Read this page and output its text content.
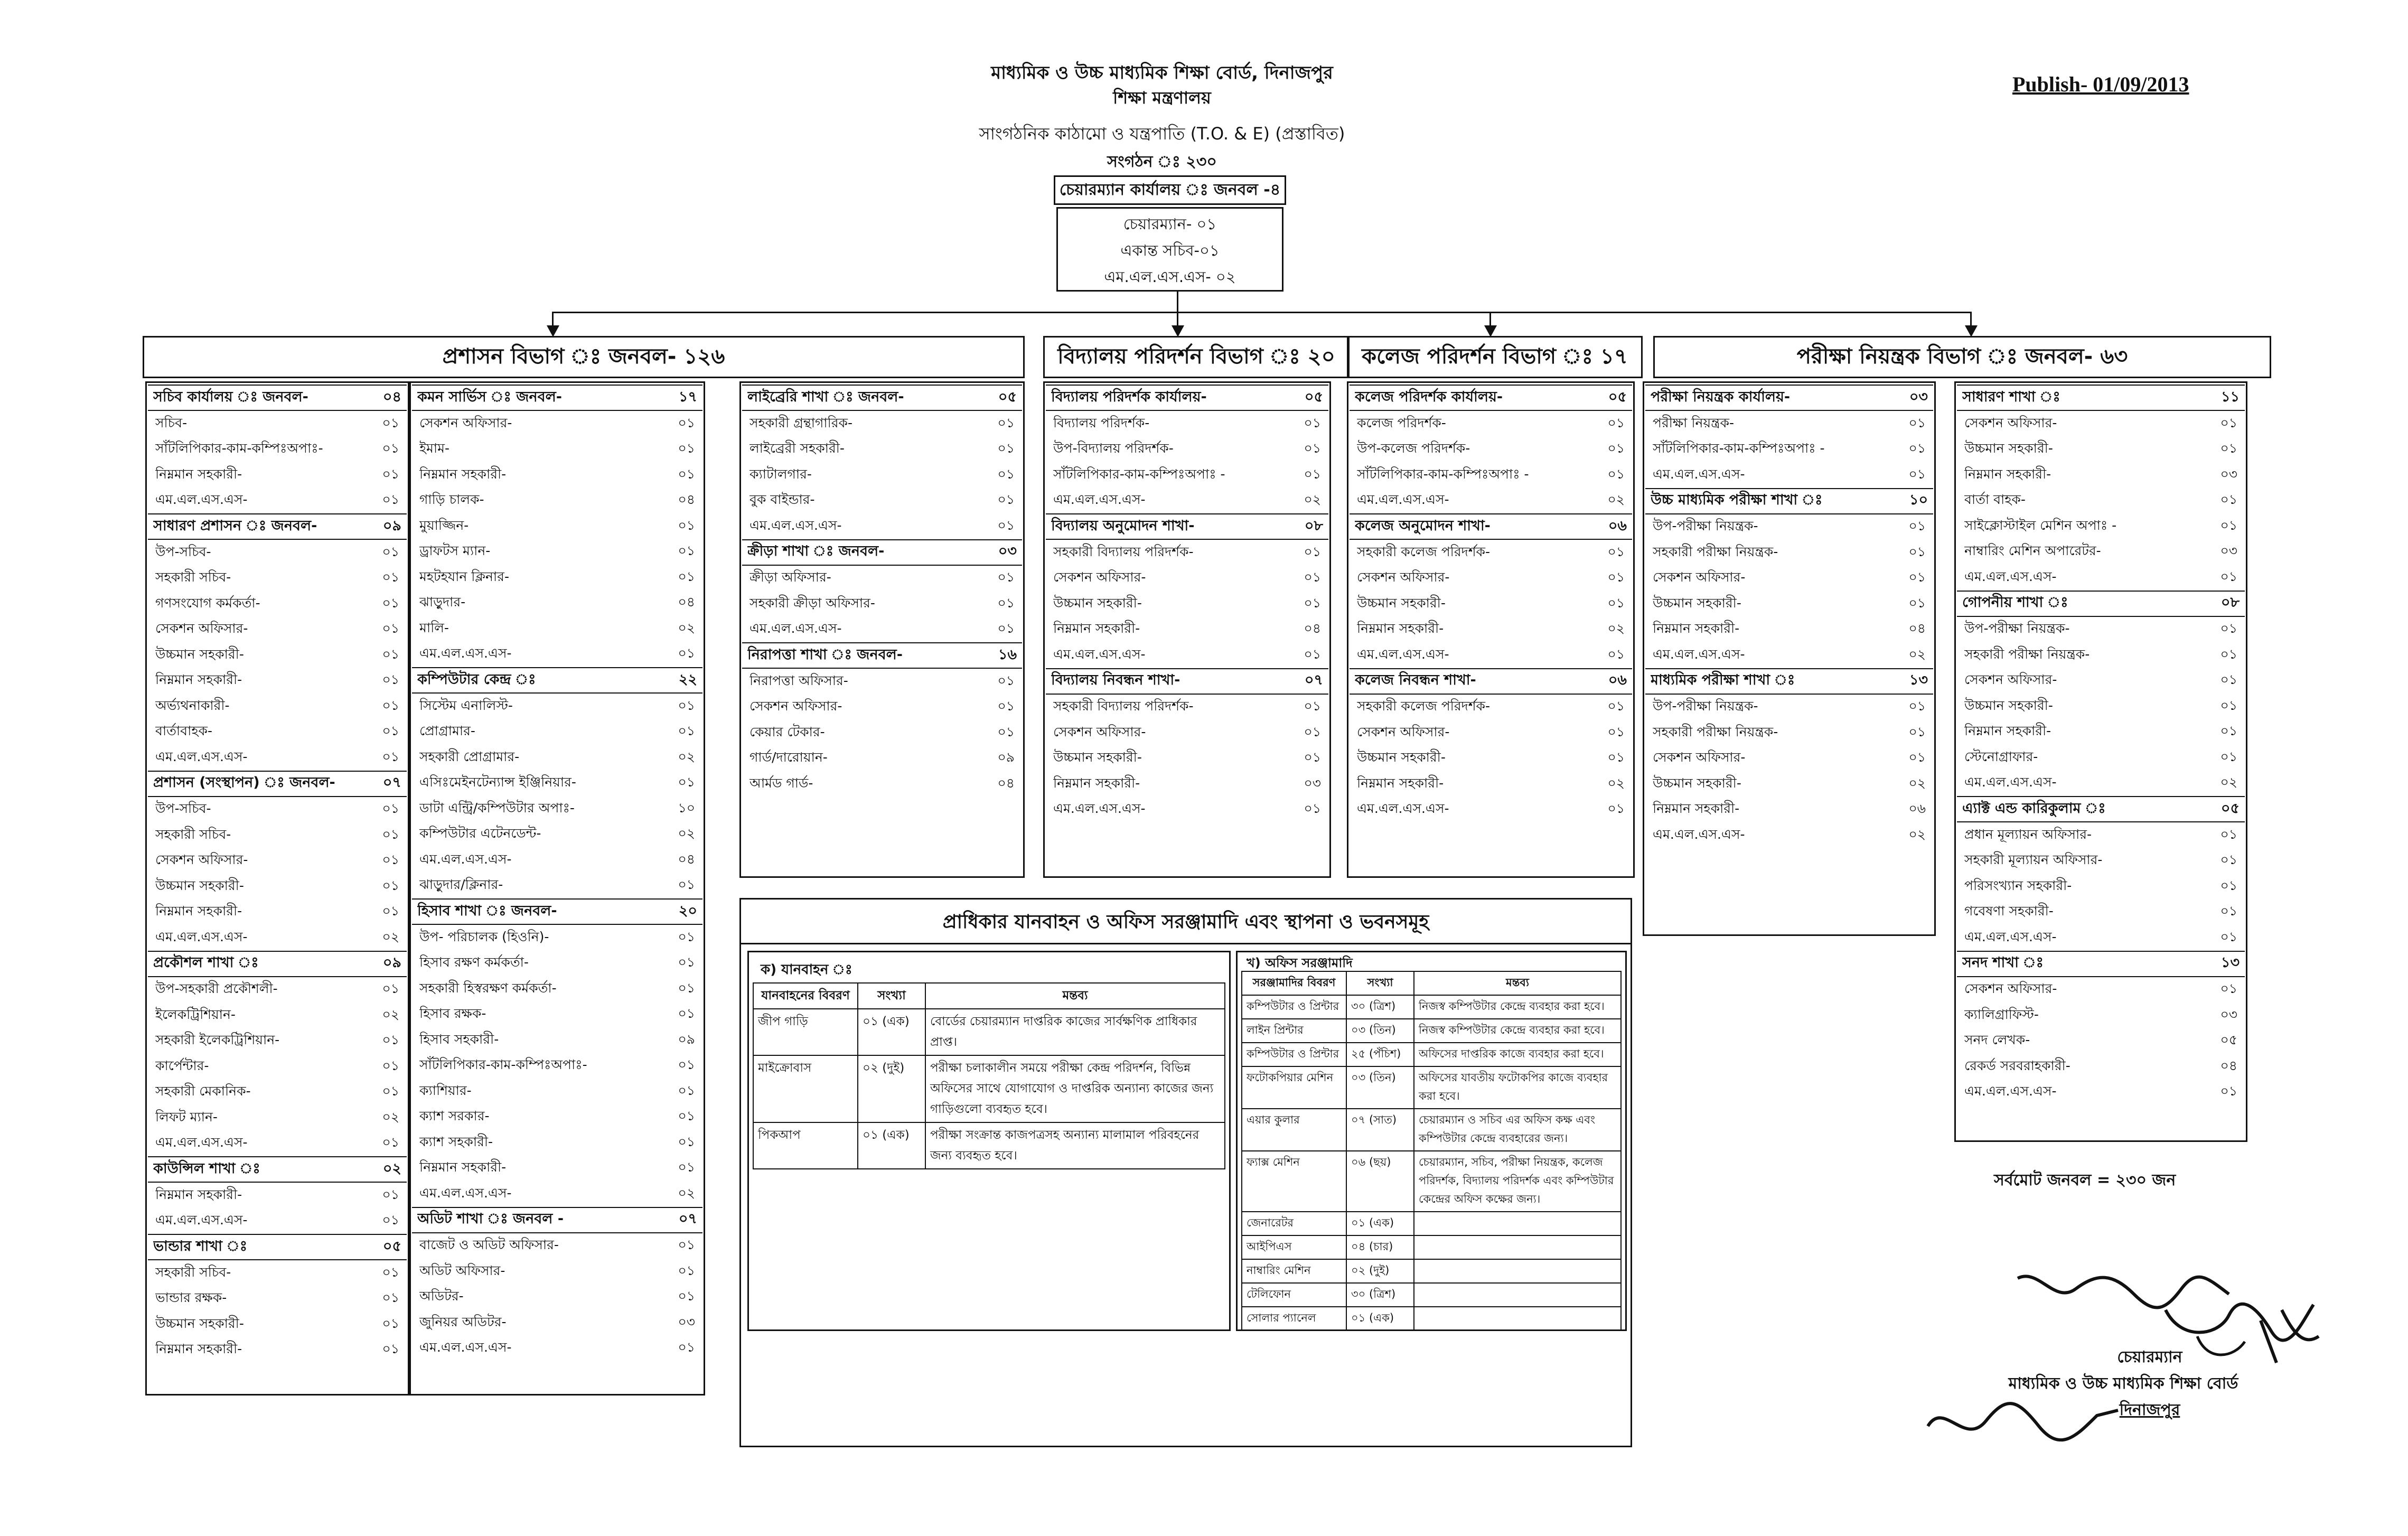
মাধ্যমিক ও উচ্চ মাধ্যমিক শিক্ষা বোর্ড, দিনাজপুর
শিক্ষা মন্ত্রণালয়
সাংগঠনিক কাঠামো ও যন্ত্রপাতি (T.O. & E) (প্রস্তাবিত)
সংগঠন ঃ ২৩০
Publish- 01/09/2013
চেয়ারম্যান কার্যালয় ঃ জনবল -৪
চেয়ারম্যান- ০১
একান্ত সচিব-০১
এম.এল.এস.এস- ০২
প্রশাসন বিভাগ ঃ জনবল- ১২৬	বিদ্যালয় পরিদর্শন বিভাগ ঃ ২০	কলেজ পরিদর্শন বিভাগ ঃ ১৭	পরীক্ষা নিয়ন্ত্রক বিভাগ ঃ জনবল- ৬৩
সচিব কার্যালয় ঃ জনবল-	০৪
সচিব-	০১
সাঁটলিপিকার-কাম-কম্পিঃঅপাঃ-	০১
নিম্নমান সহকারী-	০১
এম.এল.এস.এস-	০১
সাধারণ প্রশাসন ঃ জনবল-	০৯
উপ-সচিব-	০১
সহকারী সচিব-	০১
গণসংযোগ কর্মকর্তা-	০১
সেকশন অফিসার-	০১
উচ্চমান সহকারী-	০১
নিম্নমান সহকারী-	০১
অর্ভ্যথনাকারী-	০১
বার্তাবাহক-	০১
এম.এল.এস.এস-	০১
প্রশাসন (সংস্থাপন) ঃ জনবল-	০৭
উপ-সচিব-	০১
সহকারী সচিব-	০১
সেকশন অফিসার-	০১
উচ্চমান সহকারী-	০১
নিম্নমান সহকারী-	০১
এম.এল.এস.এস-	০২
প্রকৌশল শাখা ঃ	০৯
উপ-সহকারী প্রকৌশলী-	০১
ইলেকট্রিশিয়ান-	০২
সহকারী ইলেকট্রিশিয়ান-	০১
কার্পেন্টার-	০১
সহকারী মেকানিক-	০১
লিফট ম্যান-	০২
এম.এল.এস.এস-	০১
কাউন্সিল শাখা ঃ	০২
নিম্নমান সহকারী-	০১
এম.এল.এস.এস-	০১
ভান্ডার শাখা ঃ	০৫
সহকারী সচিব-	০১
ভান্ডার রক্ষক-	০১
উচ্চমান সহকারী-	০১
নিম্নমান সহকারী-	০১
কমন সার্ভিস ঃ জনবল-	১৭
সেকশন অফিসার-	০১
ইমাম-	০১
নিম্নমান সহকারী-	০১
গাড়ি চালক-	০৪
মুয়াজ্জিন-	০১
ড্রাফটস ম্যান-	০১
মহটহযান ক্লিনার-	০১
ঝাড়ুদার-	০৪
মালি-	০২
এম.এল.এস.এস-	০১
কম্পিউটার কেন্দ্র ঃ	২২
সিস্টেম এনালিস্ট-	০১
প্রোগ্রামার-	০১
সহকারী প্রোগ্রামার-	০২
এসিঃমেইনটেন্যান্স ইঞ্জিনিয়ার-	০১
ডাটা এন্ট্রি/কম্পিউটার অপাঃ-	১০
কম্পিউটার এটেনডেন্ট-	০২
এম.এল.এস.এস-	০৪
ঝাড়ুদার/ক্লিনার-	০১
হিসাব শাখা ঃ জনবল-	২০
উপ- পরিচালক (হিওনি)-	০১
হিসাব রক্ষণ কর্মকর্তা-	০১
সহকারী হিস্বরক্ষণ কর্মকর্তা-	০১
হিসাব রক্ষক-	০১
হিসাব সহকারী-	০৯
সাঁটলিপিকার-কাম-কম্পিঃঅপাঃ-	০১
ক্যাশিয়ার-	০১
ক্যাশ সরকার-	০১
ক্যাশ সহকারী-	০১
নিম্নমান সহকারী-	০১
এম.এল.এস.এস-	০২
অডিট শাখা ঃ জনবল -	০৭
বাজেট ও অডিট অফিসার-	০১
অডিট অফিসার-	০১
অডিটর-	০১
জুনিয়র অডিটর-	০৩
এম.এল.এস.এস-	০১
লাইব্রেরি শাখা ঃ জনবল-	০৫
সহকারী গ্রন্থাগারিক-	০১
লাইব্রেরী সহকারী-	০১
ক্যাটালগার-	০১
বুক বাইন্ডার-	০১
এম.এল.এস.এস-	০১
ক্রীড়া শাখা ঃ জনবল-	০৩
ক্রীড়া অফিসার-	০১
সহকারী ক্রীড়া অফিসার-	০১
এম.এল.এস.এস-	০১
নিরাপত্তা শাখা ঃ জনবল-	১৬
নিরাপত্তা অফিসার-	০১
সেকশন অফিসার-	০১
কেয়ার টেকার-	০১
গার্ড/দারোয়ান-	০৯
আর্মড গার্ড-	০৪
বিদ্যালয় পরিদর্শক কার্যালয়-	০৫
বিদ্যালয় পরিদর্শক-	০১
উপ-বিদ্যালয় পরিদর্শক-	০১
সাঁটলিপিকার-কাম-কম্পিঃঅপাঃ -	০১
এম.এল.এস.এস-	০২
বিদ্যালয় অনুমোদন শাখা-	০৮
সহকারী বিদ্যালয় পরিদর্শক-	০১
সেকশন অফিসার-	০১
উচ্চমান সহকারী-	০১
নিম্নমান সহকারী-	০৪
এম.এল.এস.এস-	০১
বিদ্যালয় নিবন্ধন শাখা-	০৭
সহকারী বিদ্যালয় পরিদর্শক-	০১
সেকশন অফিসার-	০১
উচ্চমান সহকারী-	০১
নিম্নমান সহকারী-	০৩
এম.এল.এস.এস-	০১
কলেজ পরিদর্শক কার্যালয়-	০৫
কলেজ পরিদর্শক-	০১
উপ-কলেজ পরিদর্শক-	০১
সাঁটলিপিকার-কাম-কম্পিঃঅপাঃ -	০১
এম.এল.এস.এস-	০২
কলেজ অনুমোদন শাখা-	০৬
সহকারী কলেজ পরিদর্শক-	০১
সেকশন অফিসার-	০১
উচ্চমান সহকারী-	০১
নিম্নমান সহকারী-	০২
এম.এল.এস.এস-	০১
কলেজ নিবন্ধন শাখা-	০৬
সহকারী কলেজ পরিদর্শক-	০১
সেকশন অফিসার-	০১
উচ্চমান সহকারী-	০১
নিম্নমান সহকারী-	০২
এম.এল.এস.এস-	০১
পরীক্ষা নিয়ন্ত্রক কার্যালয়-	০৩
পরীক্ষা নিয়ন্ত্রক-	০১
সাঁটলিপিকার-কাম-কম্পিঃঅপাঃ -	০১
এম.এল.এস.এস-	০১
উচ্চ মাধ্যমিক পরীক্ষা শাখা ঃ	১০
উপ-পরীক্ষা নিয়ন্ত্রক-	০১
সহকারী পরীক্ষা নিয়ন্ত্রক-	০১
সেকশন অফিসার-	০১
উচ্চমান সহকারী-	০১
নিম্নমান সহকারী-	০৪
এম.এল.এস.এস-	০২
মাধ্যমিক পরীক্ষা শাখা ঃ	১৩
উপ-পরীক্ষা নিয়ন্ত্রক-	০১
সহকারী পরীক্ষা নিয়ন্ত্রক-	০১
সেকশন অফিসার-	০১
উচ্চমান সহকারী-	০২
নিম্নমান সহকারী-	০৬
এম.এল.এস.এস-	০২
সাধারণ শাখা ঃ	১১
সেকশন অফিসার-	০১
উচ্চমান সহকারী-	০১
নিম্নমান সহকারী-	০৩
বার্তা বাহক-	০১
সাইক্লোস্টাইল মেশিন অপাঃ -	০১
নাম্বারিং মেশিন অপারেটর-	০৩
এম.এল.এস.এস-	০১
গোপনীয় শাখা ঃ	০৮
উপ-পরীক্ষা নিয়ন্ত্রক-	০১
সহকারী পরীক্ষা নিয়ন্ত্রক-	০১
সেকশন অফিসার-	০১
উচ্চমান সহকারী-	০১
নিম্নমান সহকারী-	০১
স্টেনোগ্রাফার-	০১
এম.এল.এস.এস-	০২
এ্যাক্ট এন্ড কারিকুলাম ঃ	০৫
প্রধান মূল্যায়ন অফিসার-	০১
সহকারী মূল্যায়ন অফিসার-	০১
পরিসংখ্যান সহকারী-	০১
গবেষণা সহকারী-	০১
এম.এল.এস.এস-	০১
সনদ শাখা ঃ	১৩
সেকশন অফিসার-	০১
ক্যালিগ্রাফিস্ট-	০৩
সনদ লেখক-	০৫
রেকর্ড সরবরাহকারী-	০৪
এম.এল.এস.এস-	০১
সর্বমোট জনবল = ২৩০ জন
প্রাধিকার যানবাহন ও অফিস সরঞ্জামাদি এবং স্থাপনা ও ভবনসমূহ
ক) যানবাহন ঃ
যানবাহনের বিবরণ	সংখ্যা	মন্তব্য
জীপ গাড়ি	০১ (এক)	বোর্ডের চেয়ারম্যান দাপ্তরিক কাজের সার্বক্ষণিক প্রাধিকার প্রাপ্ত।
মাইক্রোবাস	০২ (দুই)	পরীক্ষা চলাকালীন সময়ে পরীক্ষা কেন্দ্র পরিদর্শন, বিভিন্ন অফিসের সাথে যোগাযোগ ও দাপ্তরিক অন্যান্য কাজের জন্য গাড়িগুলো ব্যবহৃত হবে।
পিকআপ	০১ (এক)	পরীক্ষা সংক্রান্ত কাজপত্রসহ অন্যান্য মালামাল পরিবহনের জন্য ব্যবহৃত হবে।
খ) অফিস সরঞ্জামাদি
সরঞ্জামাদির বিবরণ	সংখ্যা	মন্তব্য
কম্পিউটার ও প্রিন্টার	৩০ (ত্রিশ)	নিজস্ব কম্পিউটার কেন্দ্রে ব্যবহার করা হবে।
লাইন প্রিন্টার	০৩ (তিন)	নিজস্ব কম্পিউটার কেন্দ্রে ব্যবহার করা হবে।
কম্পিউটার ও প্রিন্টার	২৫ (পঁচিশ)	অফিসের দাপ্তরিক কাজে ব্যবহার করা হবে।
ফটোকপিয়ার মেশিন	০৩ (তিন)	অফিসের যাবতীয় ফটোকপির কাজে ব্যবহার করা হবে।
এয়ার কুলার	০৭ (সাত)	চেয়ারম্যান ও সচিব এর অফিস কক্ষ এবং কম্পিউটার কেন্দ্রে ব্যবহারের জন্য।
ফ্যাক্স মেশিন	০৬ (ছয়)	চেয়ারম্যান, সচিব, পরীক্ষা নিয়ন্ত্রক, কলেজ পরিদর্শক, বিদ্যালয় পরিদর্শক এবং কম্পিউটার কেন্দ্রের অফিস কক্ষের জন্য।
জেনারেটর	০১ (এক)	
আইপিএস	০৪ (চার)	
নাম্বারিং মেশিন	০২ (দুই)	
টেলিফোন	৩০ (ত্রিশ)	
সোলার প্যানেল	০১ (এক)	
চেয়ারম্যান
মাধ্যমিক ও উচ্চ মাধ্যমিক শিক্ষা বোর্ড
দিনাজপুর
